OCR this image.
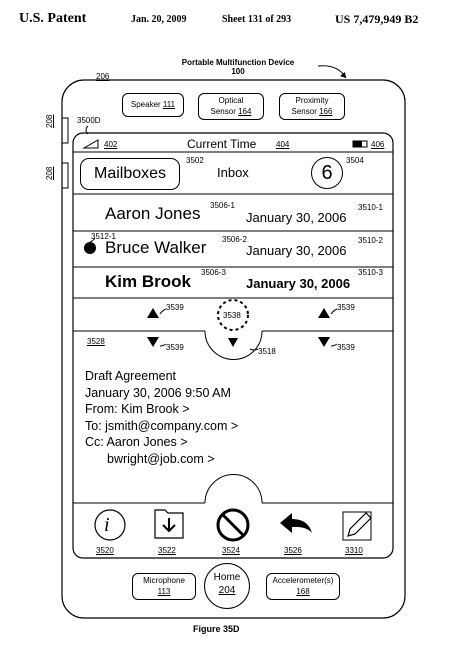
U.S. Patent	Jan. 20, 2009	Sheet 131 of 293	US 7,479,949 B2
Portable Multifunction Device
100
206
3500D
208
208
Speaker 111	Optical
Sensor 164
Proximity
Sensor 166
402	Current Time 404	406
Mailboxes
3502
Inbox	6
3504
Aaron Jones 3506-1
January 30, 2006
3510-1
3512-1
Bruce Walker 3506-2
January 30, 2006
3510-2
Kim Brook 3506-3
January 30, 2006
3510-3
3539	3539
3539	3539
3538
3528
3518
Draft Agreement
January 30, 2006 9:50 AM
From: Kim Brook >
To: jsmith@company.com >
Cc: Aaron Jones >
bwright@job.com >
i
3520	3522	3524	3526	3310
Microphone
113
Home
204
Accelerometer(s)
168
Figure 35D
